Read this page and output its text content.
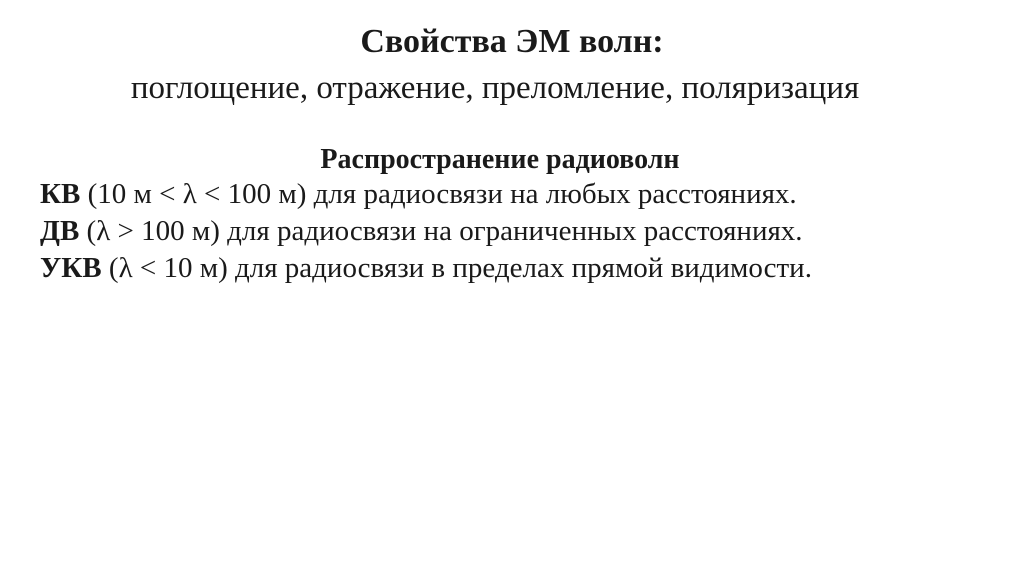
Свойства ЭМ волн:

поглощение, отражение, преломление, поляризация

Распространение радиоволн
КВ (10 м < λ < 100 м) для радиосвязи на любых расстояниях.
ДВ (λ > 100 м) для радиосвязи на ограниченных расстояниях.
УКВ (λ < 10 м) для радиосвязи в пределах прямой видимости.
